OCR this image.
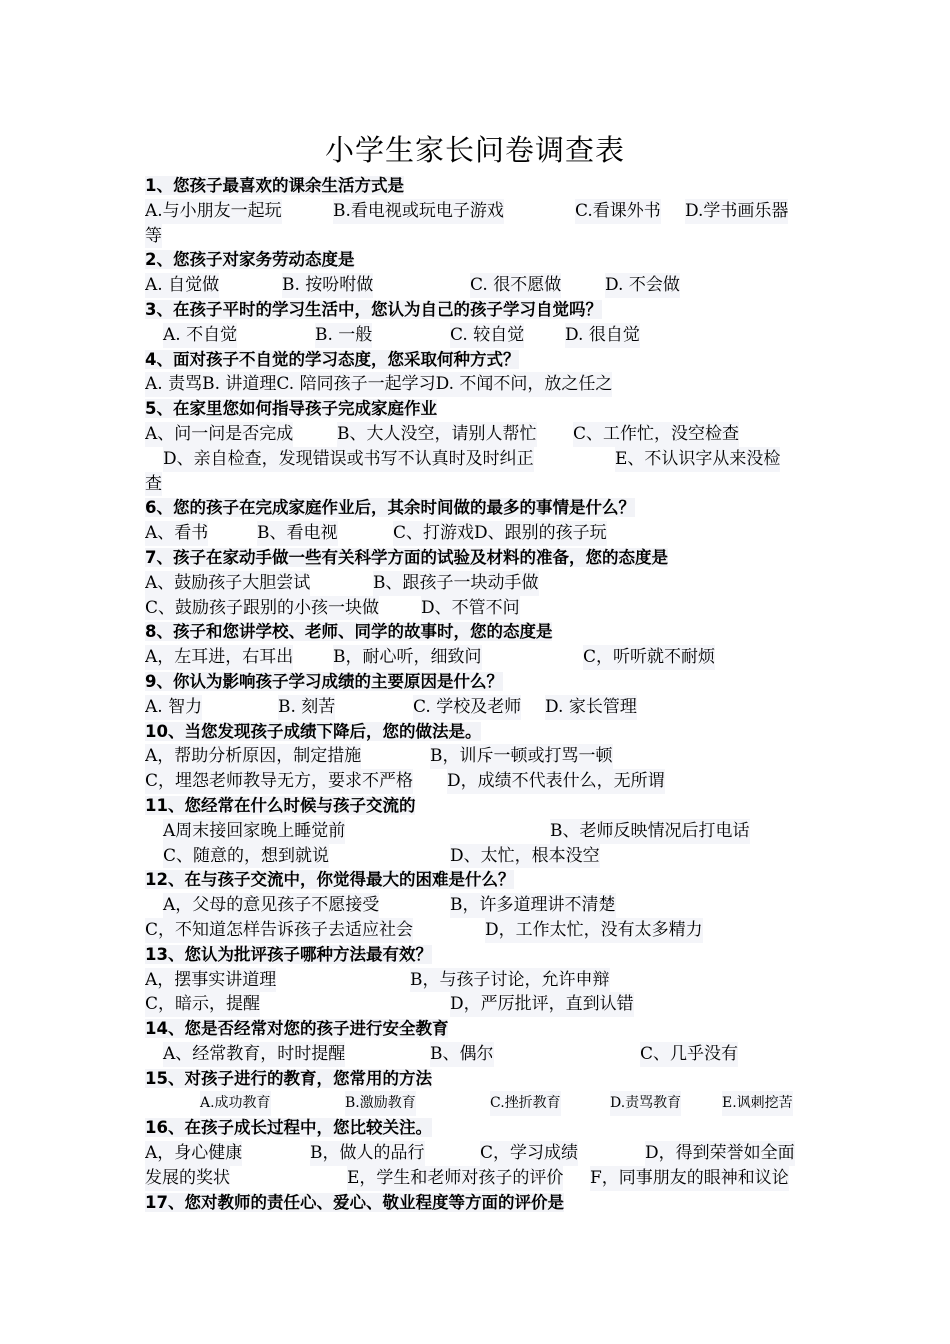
小学生家长问卷调查表
1、您孩子最喜欢的课余生活方式是
A.与小朋友一起玩	B.看电视或玩电子游戏	C.看课外书 D.学书画乐器
等
2、您孩子对家务劳动态度是
A. 自觉做	B. 按吩咐做	C. 很不愿做	D. 不会做
3、在孩子平时的学习生活中，您认为自己的孩子学习自觉吗？
A. 不自觉	B. 一般	C. 较自觉 D. 很自觉
4、面对孩子不自觉的学习态度，您采取何种方式？
A. 责骂B. 讲道理C. 陪同孩子一起学习D. 不闻不问，放之任之
5、在家里您如何指导孩子完成家庭作业
A、问一问是否完成	B、大人没空，请别人帮忙 C、工作忙，没空检查
D、亲自检查，发现错误或书写不认真时及时纠正	E、不认识字从来没检
查
6、您的孩子在完成家庭作业后，其余时间做的最多的事情是什么？
A、看书	B、看电视	C、打游戏D、跟别的孩子玩
7、孩子在家动手做一些有关科学方面的试验及材料的准备，您的态度是
A、鼓励孩子大胆尝试	B、跟孩子一块动手做
C、鼓励孩子跟别的小孩一块做 D、不管不问
8、孩子和您讲学校、老师、同学的故事时，您的态度是
A，左耳进，右耳出 B，耐心听，细致问	C，听听就不耐烦
9、你认为影响孩子学习成绩的主要原因是什么？
A. 智力	B. 刻苦	C. 学校及老师 D. 家长管理
10、当您发现孩子成绩下降后，您的做法是。
A，帮助分析原因，制定措施	B，训斥一顿或打骂一顿
C，埋怨老师教导无方，要求不严格 D，成绩不代表什么，无所谓
11、您经常在什么时候与孩子交流的
A周末接回家晚上睡觉前	B、老师反映情况后打电话
C、随意的，想到就说	D、太忙，根本没空
12、在与孩子交流中，你觉得最大的困难是什么？
A，父母的意见孩子不愿接受	B，许多道理讲不清楚
C，不知道怎样告诉孩子去适应社会	D，工作太忙，没有太多精力
13、您认为批评孩子哪种方法最有效？
A，摆事实讲道理	B，与孩子讨论，允许申辩
C，暗示，提醒	D，严厉批评，直到认错
14、您是否经常对您的孩子进行安全教育
A、经常教育，时时提醒	B、偶尔	C、几乎没有
15、对孩子进行的教育，您常用的方法
A.成功教育	B.激励教育	C.挫折教育	D.责骂教育	E.讽刺挖苦
16、在孩子成长过程中，您比较关注。
A，身心健康	B，做人的品行	C，学习成绩	D，得到荣誉如全面
发展的奖状	E，学生和老师对孩子的评价 F，同事朋友的眼神和议论
17、您对教师的责任心、爱心、敬业程度等方面的评价是
